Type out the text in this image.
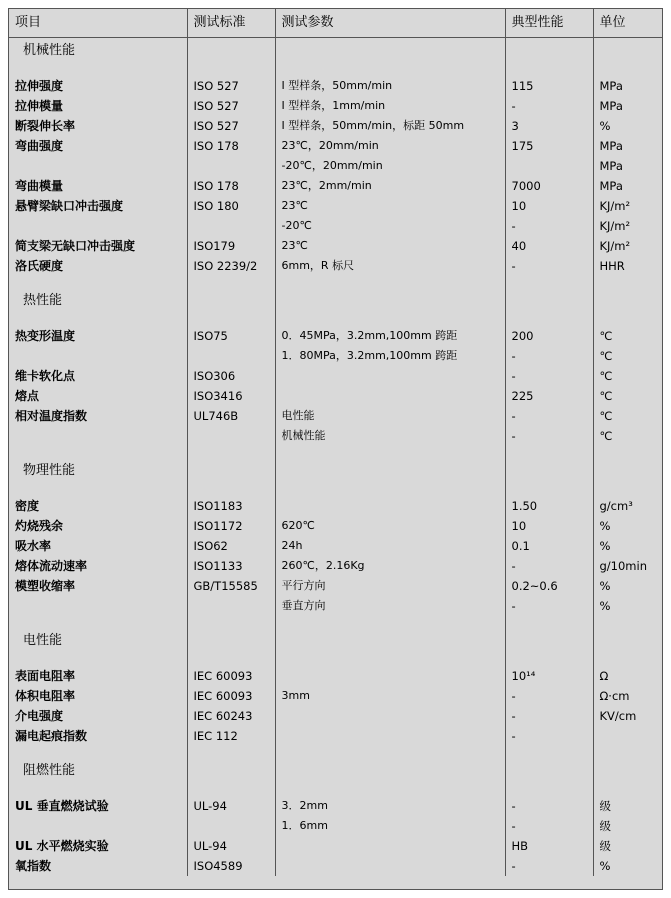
项目	测试标准	测试参数	典型性能	单位
机械性能				

拉伸强度	ISO 527	I 型样条，50mm/min	115	MPa
拉伸模量	ISO 527	I 型样条，1mm/min	-	MPa
断裂伸长率	ISO 527	I 型样条，50mm/min，标距 50mm	3	%
弯曲强度	ISO 178	23℃，20mm/min	175	MPa
		-20℃，20mm/min		MPa
弯曲模量	ISO 178	23℃，2mm/min	7000	MPa
悬臂梁缺口冲击强度	ISO 180	23℃	10	KJ/m²
		-20℃	-	KJ/m²
简支梁无缺口冲击强度	ISO179	23℃	40	KJ/m²
洛氏硬度	ISO 2239/2	6mm，R 标尺	-	HHR

热性能				

热变形温度	ISO75	0．45MPa，3.2mm,100mm 跨距	200	℃
		1．80MPa，3.2mm,100mm 跨距	-	℃
维卡软化点	ISO306		-	℃
熔点	ISO3416		225	℃
相对温度指数	UL746B	电性能	-	℃
		机械性能	-	℃

物理性能				

密度	ISO1183		1.50	g/cm³
灼烧残余	ISO1172	620℃	10	%
吸水率	ISO62	24h	0.1	%
熔体流动速率	ISO1133	260℃，2.16Kg	-	g/10min
模塑收缩率	GB/T15585	平行方向	0.2~0.6	%
		垂直方向	-	%

电性能				

表面电阻率	IEC 60093		10¹⁴	Ω
体积电阻率	IEC 60093	3mm	-	Ω·cm
介电强度	IEC 60243		-	KV/cm
漏电起痕指数	IEC 112		-	

阻燃性能				

UL 垂直燃烧试验	UL-94	3．2mm	-	级
		1．6mm	-	级
UL 水平燃烧实验	UL-94		HB	级
氧指数	ISO4589		-	%
